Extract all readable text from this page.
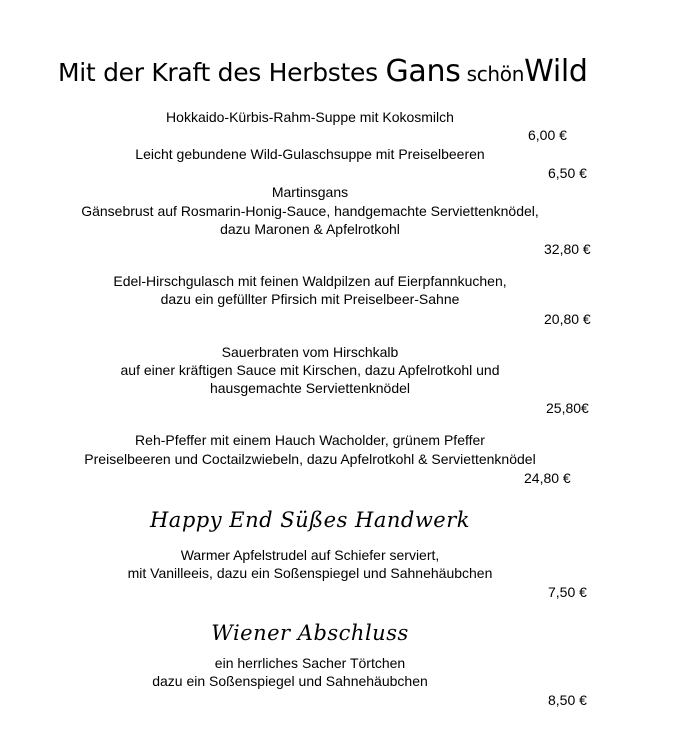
Mit der Kraft des Herbstes Gans schönWild
Hokkaido-Kürbis-Rahm-Suppe mit Kokosmilch
6,00 €
Leicht gebundene Wild-Gulaschsuppe mit Preiselbeeren
6,50 €
Martinsgans
Gänsebrust auf Rosmarin-Honig-Sauce, handgemachte Serviettenknödel,
dazu Maronen & Apfelrotkohl
32,80 €
Edel-Hirschgulasch mit feinen Waldpilzen auf Eierpfannkuchen,
dazu ein gefüllter Pfirsich mit Preiselbeer-Sahne
20,80 €
Sauerbraten vom Hirschkalb
auf einer kräftigen Sauce mit Kirschen, dazu Apfelrotkohl und
hausgemachte Serviettenknödel
25,80€
Reh-Pfeffer mit einem Hauch Wacholder, grünem Pfeffer
Preiselbeeren und Coctailzwiebeln, dazu Apfelrotkohl & Serviettenknödel
24,80 €
Happy End Süßes Handwerk
Warmer Apfelstrudel auf Schiefer serviert,
mit Vanilleeis, dazu ein Soßenspiegel und Sahnehäubchen
7,50 €
Wiener Abschluss
ein herrliches Sacher Törtchen
dazu ein Soßenspiegel und Sahnehäubchen
8,50 €
